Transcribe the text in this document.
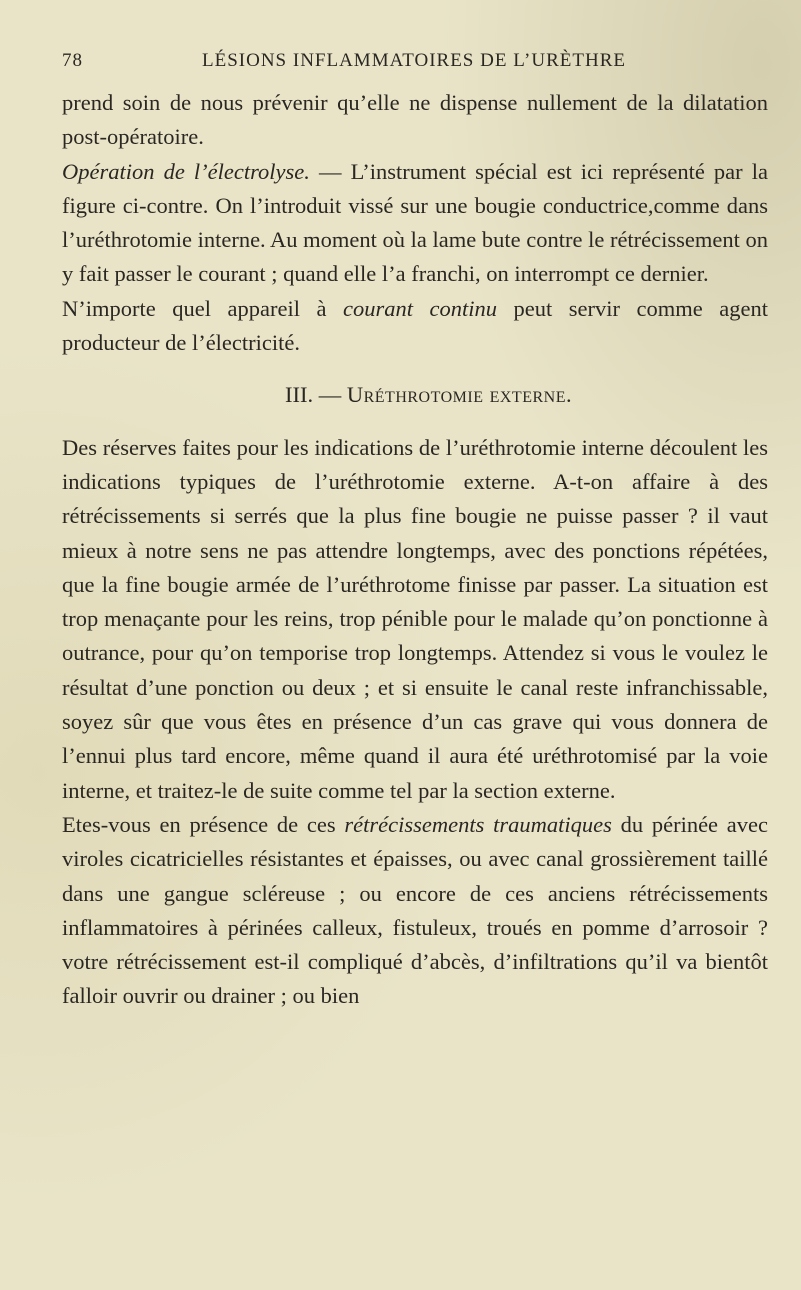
78	LÉSIONS INFLAMMATOIRES DE L’URÈTHRE

prend soin de nous prévenir qu’elle ne dispense nullement de la dilatation post-opératoire.

Opération de l’électrolyse. — L’instrument spécial est ici représenté par la figure ci-contre. On l’introduit vissé sur une bougie conductrice,comme dans l’uréthrotomie interne. Au moment où la lame bute contre le rétrécissement on y fait passer le courant ; quand elle l’a franchi, on interrompt ce dernier.

N’importe quel appareil à courant continu peut servir comme agent producteur de l’électricité.

III. — Uréthrotomie externe.

Des réserves faites pour les indications de l’uréthrotomie interne découlent les indications typiques de l’uréthrotomie externe. A-t-on affaire à des rétrécissements si serrés que la plus fine bougie ne puisse passer ? il vaut mieux à notre sens ne pas attendre longtemps, avec des ponctions répétées, que la fine bougie armée de l’uréthrotome finisse par passer. La situation est trop menaçante pour les reins, trop pénible pour le malade qu’on ponctionne à outrance, pour qu’on temporise trop longtemps. Attendez si vous le voulez le résultat d’une ponction ou deux ; et si ensuite le canal reste infranchissable, soyez sûr que vous êtes en présence d’un cas grave qui vous donnera de l’ennui plus tard encore, même quand il aura été uréthrotomisé par la voie interne, et traitez-le de suite comme tel par la section externe.

Etes-vous en présence de ces rétrécissements traumatiques du périnée avec viroles cicatricielles résistantes et épaisses, ou avec canal grossièrement taillé dans une gangue scléreuse ; ou encore de ces anciens rétrécissements inflammatoires à périnées calleux, fistuleux, troués en pomme d’arrosoir ? votre rétrécissement est-il compliqué d’abcès, d’infiltrations qu’il va bientôt falloir ouvrir ou drainer ; ou bien
